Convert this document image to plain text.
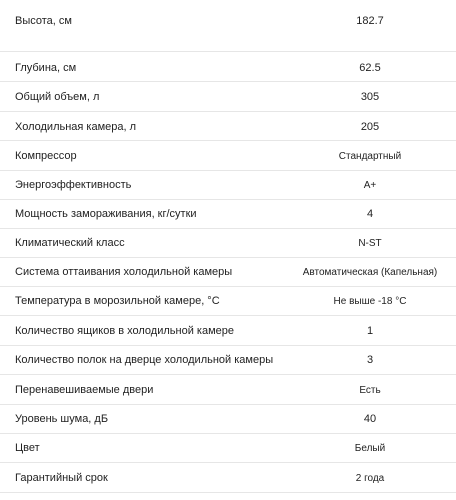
Высота, см	182.7
Глубина, см	62.5
Общий объем, л	305
Холодильная камера, л	205
Компрессор	Стандартный
Энергоэффективность	A+
Мощность замораживания, кг/сутки	4
Климатический класс	N-ST
Система оттаивания холодильной камеры	Автоматическая (Капельная)
Температура в морозильной камере, °C	Не выше -18 °C
Количество ящиков в холодильной камере	1
Количество полок на дверце холодильной камеры	3
Перенавешиваемые двери	Есть
Уровень шума, дБ	40
Цвет	Белый
Гарантийный срок	2 года
